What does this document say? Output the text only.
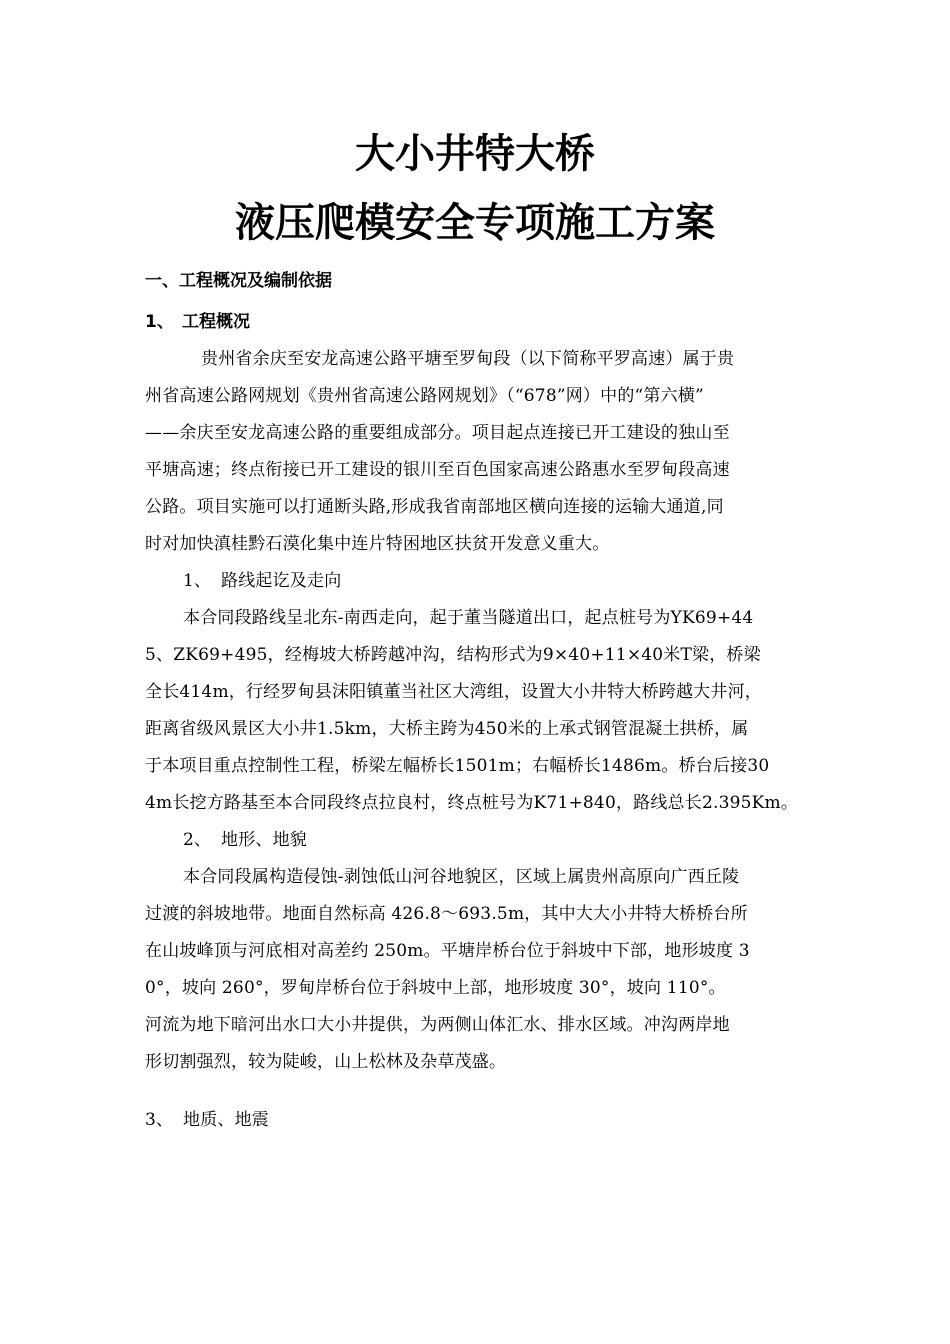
大小井特大桥
液压爬模安全专项施工方案
一、工程概况及编制依据
1、 工程概况
贵州省余庆至安龙高速公路平塘至罗甸段（以下简称平罗高速）属于贵
州省高速公路网规划《贵州省高速公路网规划》（“678”网）中的“第六横”
——余庆至安龙高速公路的重要组成部分。项目起点连接已开工建设的独山至
平塘高速；终点衔接已开工建设的银川至百色国家高速公路惠水至罗甸段高速
公路。项目实施可以打通断头路,形成我省南部地区横向连接的运输大通道,同
时对加快滇桂黔石漠化集中连片特困地区扶贫开发意义重大。
1、 路线起讫及走向
本合同段路线呈北东-南西走向，起于董当隧道出口，起点桩号为YK69+44
5、ZK69+495，经梅坡大桥跨越冲沟，结构形式为9×40+11×40米T梁，桥梁
全长414m，行经罗甸县沫阳镇董当社区大湾组，设置大小井特大桥跨越大井河，
距离省级风景区大小井1.5km，大桥主跨为450米的上承式钢管混凝土拱桥，属
于本项目重点控制性工程，桥梁左幅桥长1501m；右幅桥长1486m。桥台后接30
4m长挖方路基至本合同段终点拉良村，终点桩号为K71+840，路线总长2.395Km。
2、 地形、地貌
本合同段属构造侵蚀-剥蚀低山河谷地貌区，区域上属贵州高原向广西丘陵
过渡的斜坡地带。地面自然标高 426.8～693.5m，其中大大小井特大桥桥台所
在山坡峰顶与河底相对高差约 250m。平塘岸桥台位于斜坡中下部，地形坡度 3
0°，坡向 260°，罗甸岸桥台位于斜坡中上部，地形坡度 30°，坡向 110°。
河流为地下暗河出水口大小井提供，为两侧山体汇水、排水区域。冲沟两岸地
形切割强烈，较为陡峻，山上松林及杂草茂盛。
3、 地质、地震
